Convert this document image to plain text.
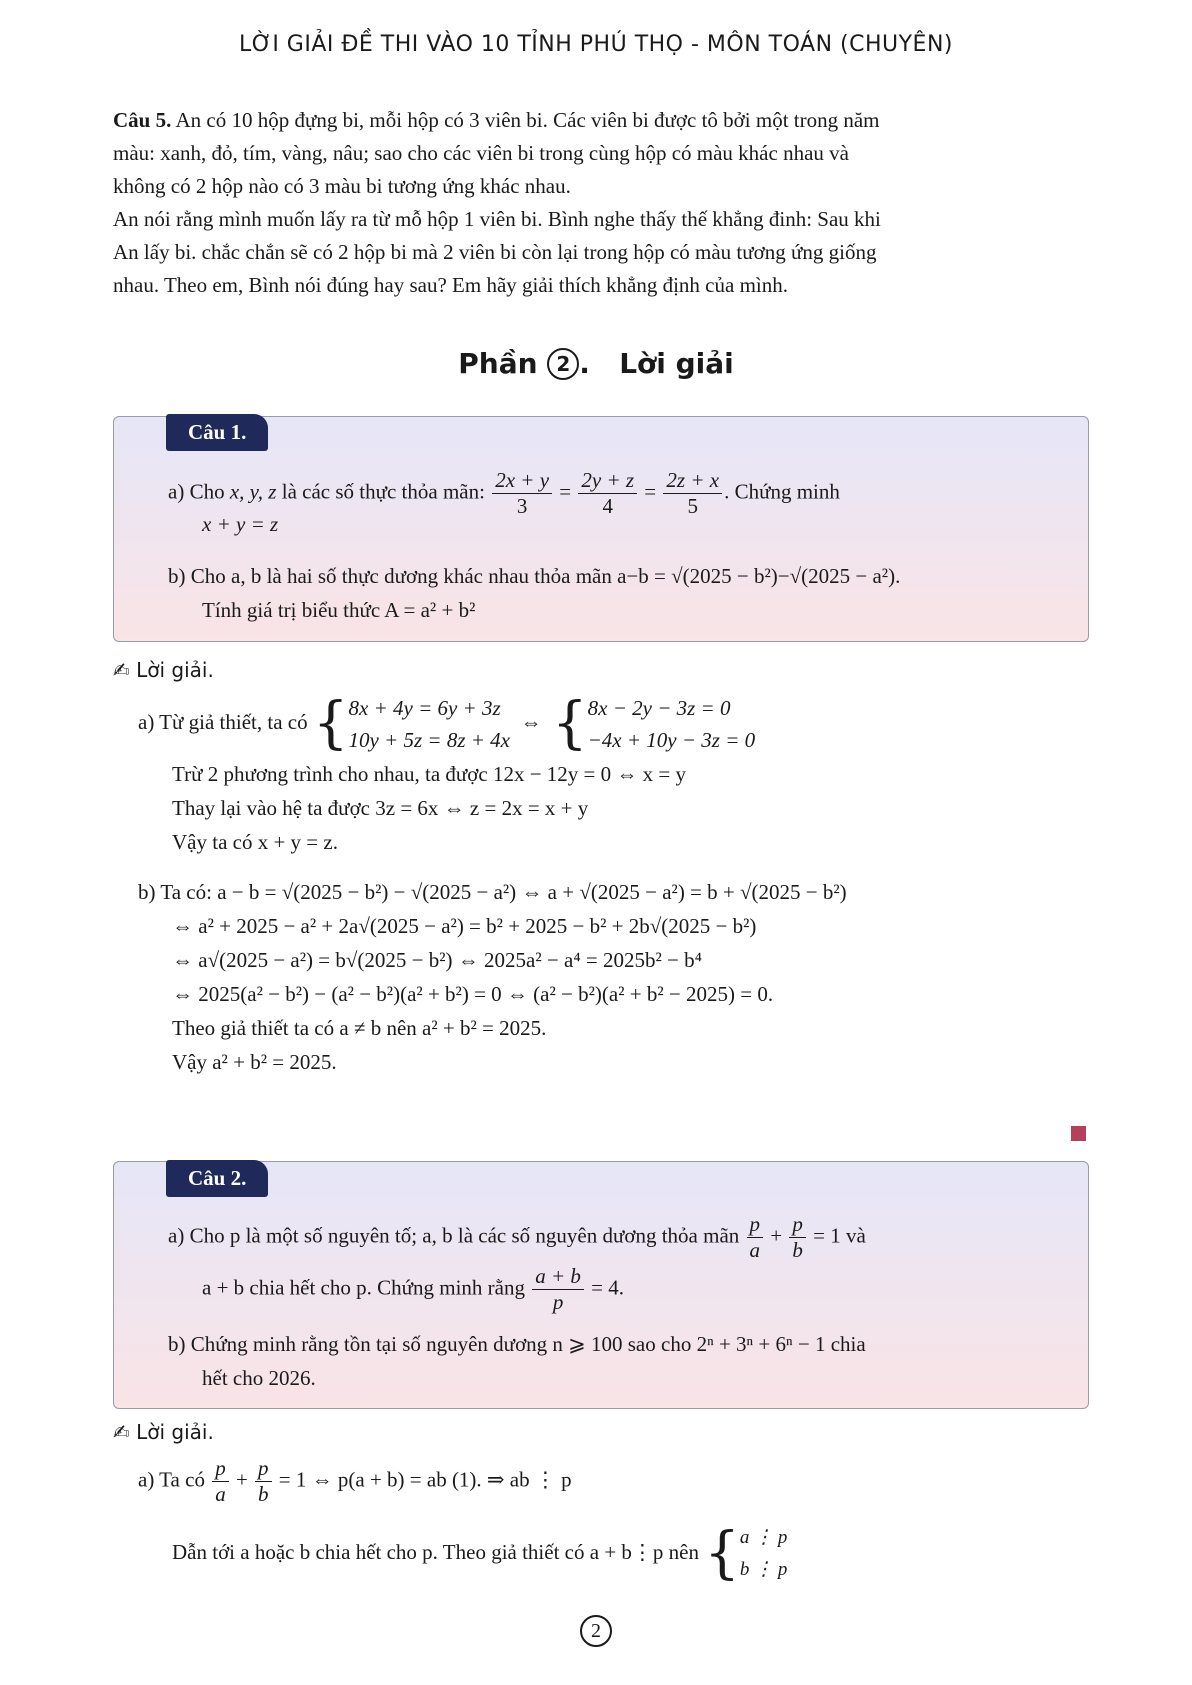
LỜI GIẢI ĐỀ THI VÀO 10 TỈNH PHÚ THỌ - MÔN TOÁN (CHUYÊN)
Câu 5. An có 10 hộp đựng bi, mỗi hộp có 3 viên bi. Các viên bi được tô bởi một trong năm
màu: xanh, đỏ, tím, vàng, nâu; sao cho các viên bi trong cùng hộp có màu khác nhau và
không có 2 hộp nào có 3 màu bi tương ứng khác nhau.
An nói rằng mình muốn lấy ra từ mỗ hộp 1 viên bi. Bình nghe thấy thế khẳng đinh: Sau khi
An lấy bi. chắc chắn sẽ có 2 hộp bi mà 2 viên bi còn lại trong hộp có màu tương ứng giống
nhau. Theo em, Bình nói đúng hay sau? Em hãy giải thích khẳng định của mình.
Phần 2 .   Lời giải
Câu 1.
a) Cho x, y, z là các số thực thỏa mãn: $\frac{2x + y}{3} = \frac{2y + z}{4} = \frac{2z + x}{5}$ . Chứng minh
x + y = z
b) Cho a, b là hai số thực dương khác nhau thỏa mãn a−b = √(2025 − b²)−√(2025 − a²).
Tính giá trị biểu thức A = a² + b²
✍ Lời giải.
a) Từ giả thiết, ta có { 8x + 4y = 6y + 3z
10y + 5z = 8z + 4x
⇔  { 8x − 2y − 3z = 0
−4x + 10y − 3z = 0
Trừ 2 phương trình cho nhau, ta được 12x − 12y = 0 ⇔ x = y
Thay lại vào hệ ta được 3z = 6x ⇔ z = 2x = x + y
Vậy ta có x + y = z.
b) Ta có: a − b = √(2025 − b²) − √(2025 − a²) ⇔ a + √(2025 − a²) = b + √(2025 − b²)
⇔ a² + 2025 − a² + 2a√(2025 − a²) = b² + 2025 − b² + 2b√(2025 − b²)
⇔ a√(2025 − a²) = b√(2025 − b²) ⇔ 2025a² − a⁴ = 2025b² − b⁴
⇔ 2025(a² − b²) − (a² − b²)(a² + b²) = 0 ⇔ (a² − b²)(a² + b² − 2025) = 0.
Theo giả thiết ta có a ≠ b nên a² + b² = 2025.
Vậy a² + b² = 2025.
Câu 2.
a) Cho p là một số nguyên tố; a, b là các số nguyên dương thỏa mãn $\frac{p}{a} + \frac{p}{b} = 1$ và
a + b chia hết cho p. Chứng minh rằng $\frac{a + b}{p} = 4$.
b) Chứng minh rằng tồn tại số nguyên dương n ⩾ 100 sao cho 2ⁿ + 3ⁿ + 6ⁿ − 1 chia
hết cho 2026.
✍ Lời giải.
a) Ta có $\frac{p}{a} + \frac{p}{b} = 1$ ⇔ p(a + b) = ab (1). ⇒ ab ⋮ p
Dẫn tới a hoặc b chia hết cho p. Theo giả thiết có a + b⋮p nên { a ⋮ p
b ⋮ p
2
